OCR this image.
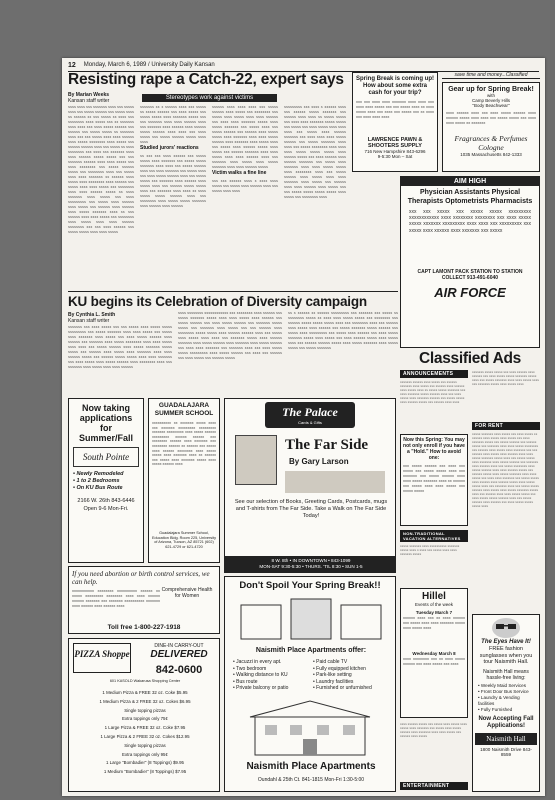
12 Monday, March 6, 1989 / University Daily Kansan
Resisting rape a Catch-22, expert says
By Marian Weeks
Kansan staff writer	Stereotypes work against victims
xxxx xxxx xxx xxxxxxx xxxx xxx xxxxx xxxx xxx xxxxx xxxxxx xxx xxxxx xxxx xx xxxxxx xx xxx xxxxx xx xxxx xxx xxxxxxxx xxxx xxxxx xxx xx xxxxxxx xxxx xxxx xxx xxxx xxxxx xxxxxx xxx xxxxxx xxx xxxxx xxxxx xx xxxxxxx xxxx xxx xxx xxxxx xxxx xxxx xxxxxx xxxx xxxxx xxxxxxxx xxxx xxxxx xxx xxxxxx xxxxxx xxxx xxx xxxxx xx xxxx xxxxxxxx xxx xxxx xxx xxxxxxx xxxx xxxx xxxxxx xxxxx xxxxx xxx xxx xxxxxxx xxxxxx xxxx xxxx xxxxx xxx xxxx xxxxxxxx xxx xxxxx xxxxxx xxxxx xxx xxxxxxxx xxxx xxx xxxxx xxxx xxxx xxxxxxx xx xxxxxx xxxx xxxxx xxxx xxxxxxxx xxxx xxxxxx xxx xxxxx xxxx xxxx xxxxx xxx xxxxxxxx xxxx xxxx xxxxxx xxxxx xx xxxx xxxxxxx xxxx xxxxx xxx xxxx xxxxxxxxx xxx xxxxx xxxx xxxxxx xxxx xxxxx xxx xxxxxx xxxx xxxxxx xxxx xxxxx xxxxxxx xxxx xx xxx xxxxxx xxxx xxxx xxxxx xxx xxxxxxxx xxxx xxxxx xxxx xxxx xxxxxx xxxxxxxx xxx xxx xxxx xxxxxx xxx xxxxx xxxxx xxxx xxxx xxxxx
xxxxxxx xx x xxxxxx xxxx xxx xxxxx xx xxxxx xxxxxx xxx xxxx xxxxx xxx xxxxx xxxxx xxxx xxxxxxx xxxxx xxx xxx xxxxxxx xxxx xxxx xxxxxx xxxx xxx xxxxxxx xxxx xxxxxx xxxx xxxxxx xxxxx xxxxxx xxxx xxxx xxx xxxx xxxxx xxx xxxxx xxxxxx xxxxx xxxx xxxx
Studied jurors' reactions
xx xxx xxx xxxx xxxxxx xxx xxxxx xxxxx xxxx xxxxxxx xxx xxxxx xxxxx xxxxxxx xxxx xxxx xxx xxxxx xxxxxx xxxx xxx xxxx xxxxxxx xxx xxxxx xxxx xxx xxxx xxxxx xxxxxx xxxx xxx xxxxx xxxxx xxx xxxxxxx xxxx xxxxxx xxxx xxxxx xxxx xxx xxxxxx xxxxx xxxxx xxxx xxx xxxxxxx xxxx xxxx xx xxxx xxxxx xxxxx xxxxxx xxxx xxx xxxxxxxx xxxx xxxxx xxxxx xxxxxxx xxxx xxxxxx xxxx xxxxxx
xxxxxx xxxx xxxx xxxx xxx xxxxx xxxxxx xxxx xxxxx xxx xxxxxxxx xxx xxxxx xxxx xxxxx xxxx xxxx xxxxxx xxx xxxx xxxx xxxxxxx xxxxx xxxx xxxxx xxxxxxx xxx xxxxx xxxx xxx xxxxx xxxxxx xxx xxxxxx xxxx xxxxx xxxxx xxxx xxxxxxx xxxx xxxx xxxxx xxxxxx xxxx xxxxxxx xxxx xxxxx xxxx xxx xxxxx xxxx xxxxxx xxxxx xxxx xxxxx xxx xxxxxx xxxxxxx xxxx xxxx xxxxx xxxx xxxx xxxxxx xxxx xxx xxxxxxx xxxx xxxxx xxxx xxxxx xxxxxxx xxxx xxxx xxxxxx xxxxx
Victim walks a fine line
xxx xxx xxxxxx xxxx x xxxx xxxx xxxxx xxx xxxxx xxxx xxxxxx xxxx xxx xxxxx xxxx xxxx
xxxxxxxxx xxx xxxx x xxxxxx xxxx xxx xxxxxx xxxxx xxxxxxx xxx xxxxxx xxxx xxxx xx xxxxx xxxxx xxx xxxx xxxx xxxxxxx xxxxx xxxxx xxx xxxxx xxx xxxx xxxxx xxxx xxxx xxxx xxx xxxxx xxxx xxxxxx xxxxxxx xxx xxxx xxxx xxxx xxxxx xxxxxx xxx xxxxx xxxxxxx xxxx xxxx xxx xxxxx xxxxxxxx xxxx xxxx xxxx xxxxx xxxxx xxxxx xxxx xxxxxx xxxxx xxx xxxx xxxxxx xxxx xxxxxx xxxxxxx xxx xxxxx xxxx xxxxxxx xxxx xxxx xxxxx xxxxx xxxx xxxxxxxx xxxx xxx xxxxx xxxxxx xxxx xxxxx xxxx xxxx xxxxxxx xxxx xxxxx xxx xxxxxx xxxx xxxx xxxxxx xxxx xxxxx xxx xxx xxxxx xxxxx xxxxx xxxxx xxxx xxxxx xxx xxxxxxxx xxxx
KU begins its Celebration of Diversity campaign
By Cynthia L. Smith
Kansan staff writer
xxxxxxx xxx xxxx xxxxx xxx xxx xxxxx xxxx xxxxx xxxxx xxxxxxxxx xxx xxxxx xxxxxxx xxxx xxxx xxxxx xxx xxxxx xxxx xxxxxxx xxxx xxxxx xxx xxxx xxxxx xxxxxx xxxx xxxxxx xxx xxxxxxx xxxx xxxxx xxxxxxxx xxxx xxxx xxxxx xxxx xxxx xxx xxxxx xxxxxx xxxx xxxxx xxxxxxx xxxxx xxxxx xxx xxxxxx xxxx xxxxx xxxx xxxxxxx xxxx xxxx xxxxxx xxxxx xxx xxxxxx xxxxx xxxxx xxxx xxxx xxxxxxx xxx xxxx xxxxx xxxx xxxxx xxxxxx xxxx xxxxxxxx xxxx xxx xxxxxxx xxxx xxxxx xxxx xxxx xxxxxx
xxxx xxxxxxxx xxxxxxxxxxxx xxx xxxxxxxx xxxx xxxxxx xxx xxxxx xxxxxxx xxxxx xxxx xxxx xxxxx xxxx xxxxxx xxx xxxxx xxxxxx xxx xxxx xxxxx xxxxxx xxx xxxxxxx xxxxx xxxxx xxx xxxxxxx xxxx xxxxx xxx xxx xxxxxx xxxx xxxxxxxx xxxxx xxxxx xxxx xxxxxx xxxxxx xxxx xxx xxxxx xxxx xxxxx xxxx xxxx xxx xxxxxxx xxxxx xxxx xxxxxx xxxxxxx xxxx xxxxx xxxxxx xxxx xxxxxxx xxxx xxxxx xxxxxx xxx xxxx xxxx xxxxxxx xxx xxxxxxx xxxx xxx xxxx xxxxx xxxxx xxxxxxxxx xxxx xxxxx xxxxxx xxx xxxx xxx xxxxxx xxx xxxx xxxxx xxx xxxxxx xxxxx
xx x xxxxxx xx xxxxxx xxxxxxxxx xxx xxxxxxx xxx xxxxx xx xxxxxxxx xxxxx xx xxxx xxxx xxxxx xxxxx xxx xxxxxxxx xxx xxxxxx xxxxx xxxxx xxxxx xxxx xxx xxxxxxxx xxxx xxx xxxxxx xxxx xxxxx xxxx xxxxxx xxx xxxxx xxxxxxx xxxxx xxxxxx xxx xxxxx xxxx xxxxxxxxx xxx xxxxx xxxx xxxxxx xxx xxxx xxxxx xxxxxxx xxxxx xxxx xxxxx xxx xxxx xxxxxx xxxxx xxxx xxxxx xxxx xxx xxxxxx xxxxxx xxxxx xxxx xxxxx xxxxxxx xxxx xxxxx xxxxx xxx xxxxx xxxxxxx
Now taking applications for Summer/Fall
South Pointe
• Newly Remodeled
• 1 to 2 Bedrooms
• On KU Bus Route
2166 W. 26th 843-6446
Open 9-6 Mon-Fri.
GUADALAJARA SUMMER SCHOOL
xxxxxxxxxx xx xxxxxxx xxxxx xxxx xxx xxxxxxx xxxxxxxxx xxxxxxxxx xxxxxxx xxxxxxxxx xxxx xxxxx xxxxxx xxxxxxxxx xxxxxx xxxxxx xxx xxxxxxxx xxxxxx xxxx xxxxxxx xxx xxxxxxxx xxxxxx xx xxxxxx xxx xxxxx xxxx xxxxxx xxxxxxxx xxxx xxxxx xxxxx xxxx xxxxxxx xxxx xx xxxxxx xxx xxxxx xxxx xxxxxxx xxxxx xxxx xxxxx xxxxxx xxxx
Guadalajara Summer School, Education Bldg. Room 225, University of Arizona, Tucson, AZ 85721 (602) 621-4729 or 621-4720
If you need abortion or birth control services, we can help.
xxxxxxxxxxx xxxxxxxx xxxxxxxxxx xxxxxx xx xxxxx xxxxxxxxx xxxxxxxx xxxx xxxx xxxxxx xxxxxx xxxxxxx xxx xxxxxxx xxxxxxxxxx xxxxxxx xxxx xxxxxx xxxx xxxxxx xxxx
Comprehensive Health for Women
Toll free 1-800-227-1918
PIZZA Shoppe
DINE-IN CARRY-OUT
DELIVERED
842-0600
601 KASOLD Wakarusa Shopping Center
1 Medium Pizza & FREE 32 oz. Coke $5.95
1 Medium Pizza & 2 FREE 32 oz. Cokes $6.95
Single topping pizzas
Extra toppings only 75¢
1 Large Pizza & FREE 32 oz. Coke $7.95
1 Large Pizza & 2 FREE 32 oz. Cokes $12.95
Single topping pizzas
Extra toppings only 95¢
1 Large "Bombadier" (8 Toppings) $9.95
1 Medium "Bombadier" (8 Toppings) $7.95
The Palace
Cards & Gifts
The Far Side
By Gary Larson
See our selection of Books, Greeting Cards, Postcards, mugs and T-shirts from The Far Side. Take a Walk on The Far Side Today!
8 W. 8th • IN DOWNTOWN • 843-1099
MON-SAT 9:30-5:30 • THURS. 'TIL 8:30 • SUN 1-5
Don't Spoil Your Spring Break!!
Naismith Place Apartments offer:
• Jacuzzi in every apt.	• Paid cable TV
• Two bedroom	• Fully equipped kitchen
• Walking distance to KU	• Park-like setting
• Bus route	• Laundry facilities
• Private balcony or patio	• Furnished or unfurnished
Naismith Place Apartments
Oundahl & 25th Ct. 841-1815 Mon-Fri 1:30-5:00
Spring Break is coming up! How about some extra cash for your trip?
xxx xxx xxxx xxxx xxxxxxx xxxx xxxx xxx xxxx xxxx xxxxx xxx xxx xxxxx xxxx xx xxxx xxxxx xxxx xxx xxxx xxx xxxxx xxx xx xxxx xxx xxxx xxxx xxxx
LAWRENCE PAWN & SHOOTERS SUPPLY
716 New Hampshire 843-6296
9-5:30 Mon – Sat
save time and money...Classified
Gear up for Spring Break!
with
Camp Beverly Hills
"Body Beachwear"
xxxx xxxxxx xxxx xxx xxxx xxxxx xxxxxx xxxx xxxxxx xxxxx xxxx xxxx xxx xxxxx xxxxx xxx xxxx xxxx xxxxx xx xxxxxxx
Fragrances & Perfumes Cologne
1035 Massachusetts 842-1333
AIM HIGH
Physician Assistants Physical Therapists Optometrists Pharmacists
xxx xxx xxxxx xxx xxxxx xxxxx xxxxxxxxx xxxxxxxxxxxx xxxx xxxxxxxx xxxxxxxx xxx xxxx xxxxx xxxxx xxxxxxx xxxxxxxxx xxxx xxxx xxx xxxxxxxxx xxx xxxxx xxxx xxxxxx xxxx xxxxxxx xxx xxxxx
CAPT LAMONT PACK STATION TO STATION COLLECT 913-491-6040
AIR FORCE
Classified Ads
ANNOUNCEMENTS
xxxxxxx xxxxxx xxxx xxxxx xxx xxxxxx xxxxxxx xxxx xxxxx xxx xxxxxx xxxx xxxxxx xxxx xxxxx xxxx xx xxxxx xxxxx xxxxxxx xxx xxxx xxxxxxx xxxxx xxxxxx xxxx xxx xxxx xxxxx xxxx xxxxxxx xxxxxx xxx xxxxx xxxxx xxxx xxxxxx xxxxx xxx xxxxxx xxxx xxxx
Now this Spring: You may not only enroll if you have a "Hold." How to avoid one:
xxx xxxxx xxxxxx xxx xxxx xxx xxxxx xxx xxxxx xxxxx xxxx xxx xxxxxxx xxx xxxxx xxxxxx xxxx xxxx xxxxx xxxxxxx xxxx xx xxxxxx xxx xxxxx xxxx xxxx xxxxx xxx xxxxx xxxxx
NON-TRADITIONAL VACATION ALTERNATIVES
xxxxx xxxxxxx xxxx xxxxxxxxxx xxxxxxx xxxxx xxxx x xxxx xxx xxxxx xxxx xxxx xxxxxxx xxxxx
Hillel
Events of the week
Tuesday March 7
xxxxxx xxxx xxx xx xxxx xxxxxx xxx xxxxx xxxx xxxx xxxxxxx xxxxx xxxx xxxxx xxxx
Wednesday March 8
xxxx xxxxxxxx xxx xx xxxx xxxxx xxxxxx xxx xxxx xxxxx xxx xxxx
xxxx xxxxxx xxxxx xxx xxxxx xxxx xxxxx xxxx xxxxx xxxx xxxxxxx xxx xxxxx xxxx xxxxx xxxxxx xxxx xxxxxxx xxxx xxxx xxxxx xxx xxxxxx xxxx xxxxx
ENTERTAINMENT
xxxxxxx xxxxx xxxxx xxx xxxx xxxxxx xxxx xxxxxx xxx xxxx xxxxx xxxxx xxxxxxx xxxxx xxxx xxx xxxxx xxxxxxx xxxx xxxx xxxxx xxxx xxx xxxxxxx xxxxx xxxx xxxxx xxxx
FOR RENT
xxxxx xxxxxxx xxxx xxxxx xxx xxxx xxxxx xx xxxxxx xxxx xxxxx xxxx xxxxx xxx xxxx xxxxxxx xxxxx xxx xxxxx xxxxxx xxx xxxxxx xxxxx xxx xxxxxxx xxxx xxxx xxxxx xxxxxxxx xxx xxxxxx xxxx xxxxx xxxx xxxxxxx xxx xxx xxxxxx xxxx xxxxx xxxx xxxxxx xxxx xxxx xxxxx xxxxxxx xxxxx xxxx xxx xxxxx xxxxx xxxx xxxxxxx xxxx xxxxx xxxxxx xxx xxxxxxx xxxx xxxxxx xxxx xxx xxxxx xxxxxxxx xxxx xxxxx xxxxxx xxxx xxxx xxxxxx xxxxx xxx xxxxxx xxxxx xxxx xxxxx xxxxxxx xxxx xxxx xxxxx xxx xxxx xxxx xxxxxxx xxx xxxxx xxxxx xxxx xxxxxx xxxx xxxxxx xxxxx xxxx xxxxx xxxxx xxxx xxx xxxxxxx xxxx xxx xxxxx xxxxx xxxxxx xxxx xxxxx xxxx xxxxx xxxxxxx xxxxx xxxx xxx xxxxxx xxxx xxxx xxxxx xxxxx xxx xxxx xxxxx xxxxx xxxxxx xxxx xxx xxxxx xxxxxx xxxx xxxxxx xxx xxxx xxxxx xxxxx xxxxx xxxx
The Eyes Have It!
FREE fashion sunglasses when you tour Naismith Hall.
Naismith Hall means hassle-free living:
• Weekly Maid Services
• Front Door Bus Service
• Laundry & Vending facilities
• Fully Furnished
Now Accepting Fall Applications!
Naismith Hall
1800 Naismith Drive 843-8559
